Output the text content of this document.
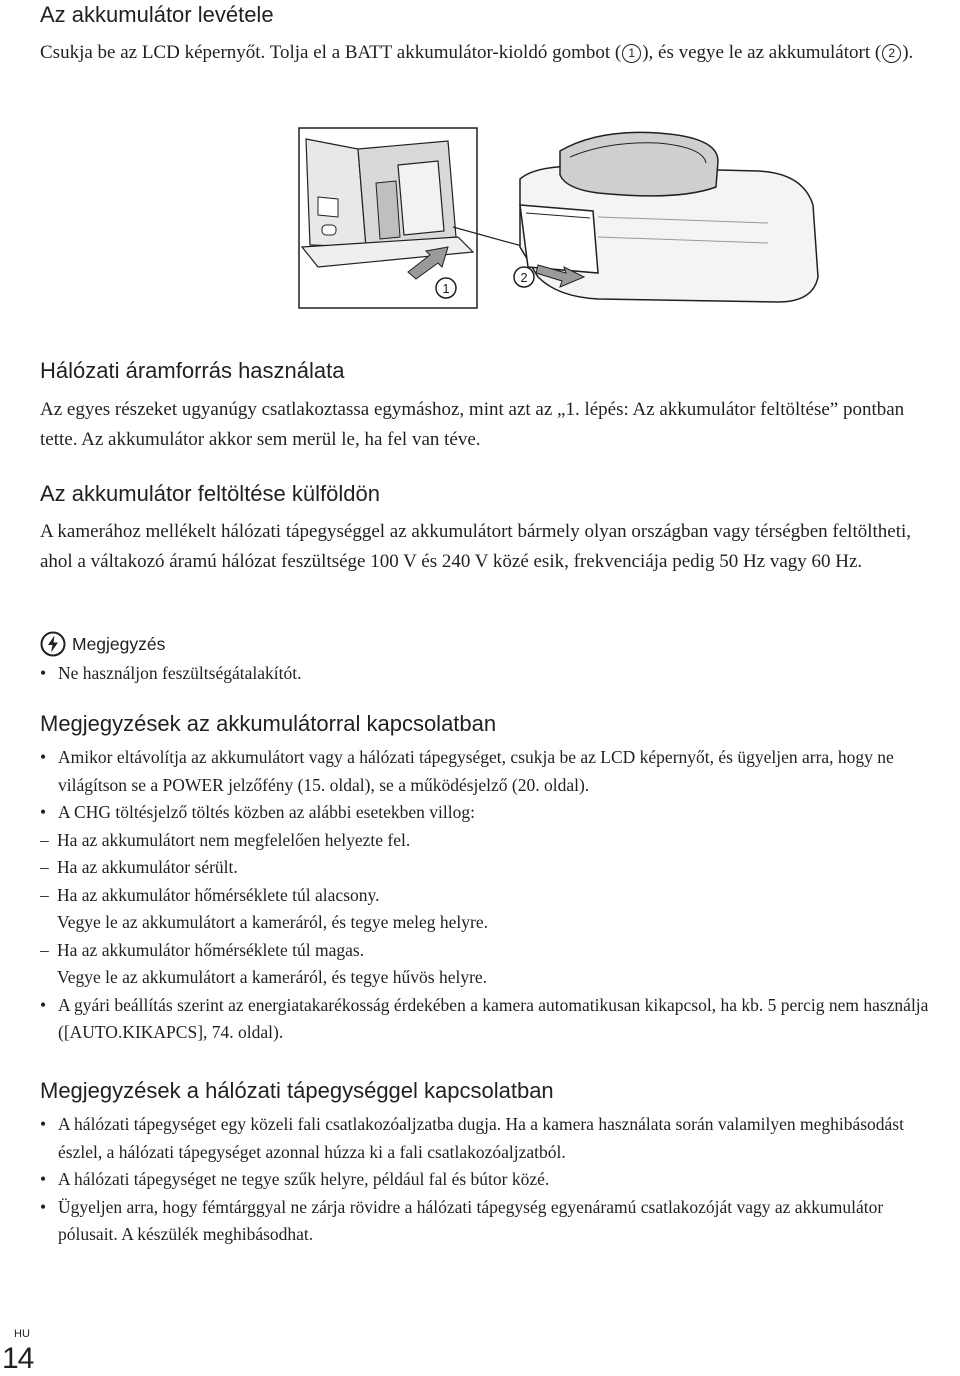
Az akkumulátor levétele

Csukja be az LCD képernyőt. Tolja el a BATT akkumulátor-kioldó gombot ( 1 ), és vegye le az akkumulátort ( 2 ).

Hálózati áramforrás használata

Az egyes részeket ugyanúgy csatlakoztassa egymáshoz, mint azt az „1. lépés: Az akkumulátor feltöltése” pontban tette. Az akkumulátor akkor sem merül le, ha fel van téve.

Az akkumulátor feltöltése külföldön

A kamerához mellékelt hálózati tápegységgel az akkumulátort bármely olyan országban vagy térségben feltöltheti, ahol a váltakozó áramú hálózat feszültsége 100 V és 240 V közé esik, frekvenciája pedig 50 Hz vagy 60 Hz.

Megjegyzés
• Ne használjon feszültségátalakítót.
Megjegyzések az akkumulátorral kapcsolatban
• Amikor eltávolítja az akkumulátort vagy a hálózati tápegységet, csukja be az LCD képernyőt, és ügyeljen arra, hogy ne világítson se a POWER jelzőfény (15. oldal), se a működésjelző (20. oldal).
• A CHG töltésjelző töltés közben az alábbi esetekben villog:
– Ha az akkumulátort nem megfelelően helyezte fel.
– Ha az akkumulátor sérült.
– Ha az akkumulátor hőmérséklete túl alacsony.
Vegye le az akkumulátort a kameráról, és tegye meleg helyre.
– Ha az akkumulátor hőmérséklete túl magas.
Vegye le az akkumulátort a kameráról, és tegye hűvös helyre.
• A gyári beállítás szerint az energiatakarékosság érdekében a kamera automatikusan kikapcsol, ha kb. 5 percig nem használja ([AUTO.KIKAPCS], 74. oldal).
Megjegyzések a hálózati tápegységgel kapcsolatban
• A hálózati tápegységet egy közeli fali csatlakozóaljzatba dugja. Ha a kamera használata során valamilyen meghibásodást észlel, a hálózati tápegységet azonnal húzza ki a fali csatlakozóaljzatból.
• A hálózati tápegységet ne tegye szűk helyre, például fal és bútor közé.
• Ügyeljen arra, hogy fémtárggyal ne zárja rövidre a hálózati tápegység egyenáramú csatlakozóját vagy az akkumulátor pólusait. A készülék meghibásodhat.
1
2
HU
14
